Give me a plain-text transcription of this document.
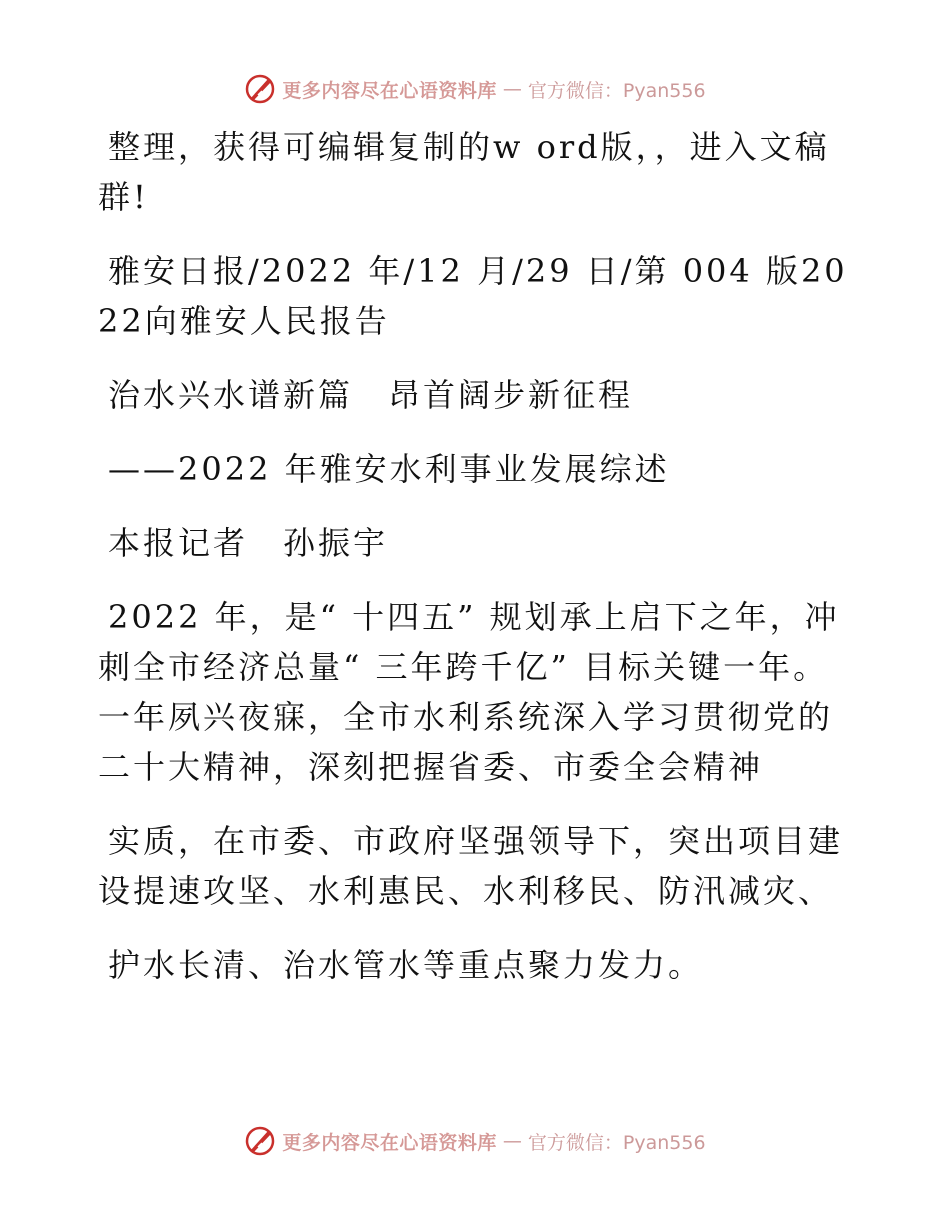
更多内容尽在心语资料库 — 官方微信：Pyan556

整理，获得可编辑复制的w ord版，，进入文稿群!

雅安日报/2022 年/12 月/29 日/第 004 版2022向雅安人民报告

治水兴水谱新篇　昂首阔步新征程

——2022 年雅安水利事业发展综述

本报记者　孙振宇

2022 年，是“ 十四五” 规划承上启下之年，冲刺全市经济总量“ 三年跨千亿” 目标关键一年。一年夙兴夜寐，全市水利系统深入学习贯彻党的二十大精神，深刻把握省委、市委全会精神

实质，在市委、市政府坚强领导下，突出项目建设提速攻坚、水利惠民、水利移民、防汛减灾、

护水长清、治水管水等重点聚力发力。

更多内容尽在心语资料库 — 官方微信：Pyan556
